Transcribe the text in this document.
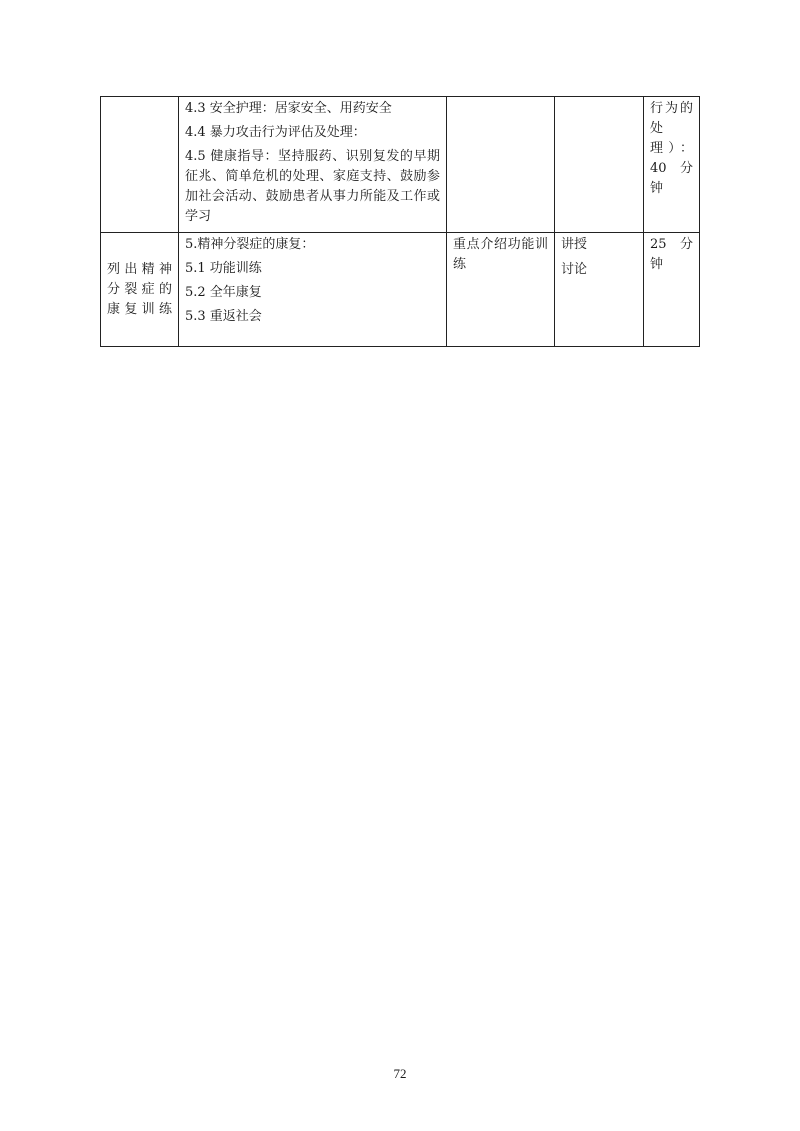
	4.3 安全护理：居家安全、用药安全
4.4 暴力攻击行为评估及处理：
4.5 健康指导：坚持服药、识别复发的早期征兆、简单危机的处理、家庭支持、鼓励参加社会活动、鼓励患者从事力所能及工作或学习			行为的
处理）：
40 分
钟

列出精神
分裂症的
康复训练	5.精神分裂症的康复：
5.1 功能训练
5.2 全年康复
5.3 重返社会	重点介绍功能训练	讲授
讨论	25 分
钟
72
